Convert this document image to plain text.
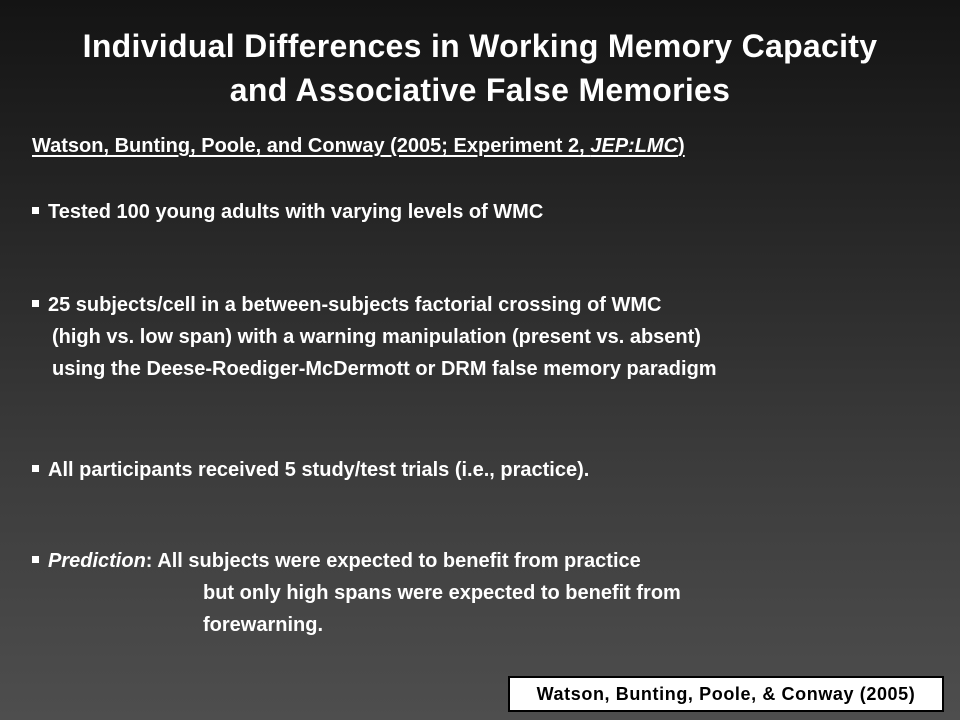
Individual Differences in Working Memory Capacity
and Associative False Memories
Watson, Bunting, Poole, and Conway (2005; Experiment 2, JEP:LMC)
Tested 100 young adults with varying levels of WMC
25 subjects/cell in a between-subjects factorial crossing of WMC
(high vs. low span) with a warning manipulation (present vs. absent)
using the Deese-Roediger-McDermott or DRM false memory paradigm
All participants received 5 study/test trials (i.e., practice).
Prediction: All subjects were expected to benefit from practice
but only high spans were expected to benefit from
forewarning.
Watson, Bunting, Poole, & Conway (2005)
